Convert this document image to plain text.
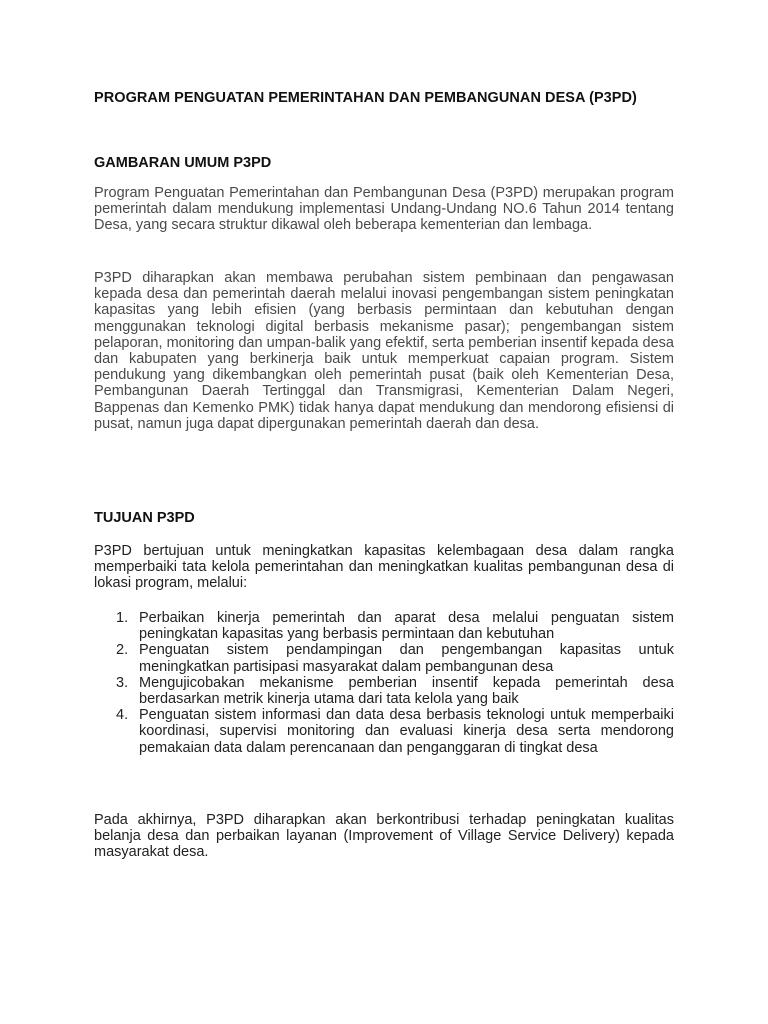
PROGRAM PENGUATAN PEMERINTAHAN DAN PEMBANGUNAN DESA (P3PD)
GAMBARAN UMUM P3PD
Program Penguatan Pemerintahan dan Pembangunan Desa (P3PD) merupakan program pemerintah dalam mendukung implementasi Undang-Undang NO.6 Tahun 2014 tentang Desa, yang secara struktur dikawal oleh beberapa kementerian dan lembaga.
P3PD diharapkan akan membawa perubahan sistem pembinaan dan pengawasan kepada desa dan pemerintah daerah melalui inovasi pengembangan sistem peningkatan kapasitas yang lebih efisien (yang berbasis permintaan dan kebutuhan dengan menggunakan teknologi digital berbasis mekanisme pasar); pengembangan sistem pelaporan, monitoring dan umpan-balik yang efektif, serta pemberian insentif kepada desa dan kabupaten yang berkinerja baik untuk memperkuat capaian program. Sistem pendukung yang dikembangkan oleh pemerintah pusat (baik oleh Kementerian Desa, Pembangunan Daerah Tertinggal dan Transmigrasi, Kementerian Dalam Negeri, Bappenas dan Kemenko PMK) tidak hanya dapat mendukung dan mendorong efisiensi di pusat, namun juga dapat dipergunakan pemerintah daerah dan desa.
TUJUAN P3PD
P3PD bertujuan untuk meningkatkan kapasitas kelembagaan desa dalam rangka memperbaiki tata kelola pemerintahan dan meningkatkan kualitas pembangunan desa di lokasi program, melalui:
1. Perbaikan kinerja pemerintah dan aparat desa melalui penguatan sistem peningkatan kapasitas yang berbasis permintaan dan kebutuhan
2. Penguatan sistem pendampingan dan pengembangan kapasitas untuk meningkatkan partisipasi masyarakat dalam pembangunan desa
3. Mengujicobakan mekanisme pemberian insentif kepada pemerintah desa berdasarkan metrik kinerja utama dari tata kelola yang baik
4. Penguatan sistem informasi dan data desa berbasis teknologi untuk memperbaiki koordinasi, supervisi monitoring dan evaluasi kinerja desa serta mendorong pemakaian data dalam perencanaan dan penganggaran di tingkat desa
Pada akhirnya, P3PD diharapkan akan berkontribusi terhadap peningkatan kualitas belanja desa dan perbaikan layanan (Improvement of Village Service Delivery) kepada masyarakat desa.
